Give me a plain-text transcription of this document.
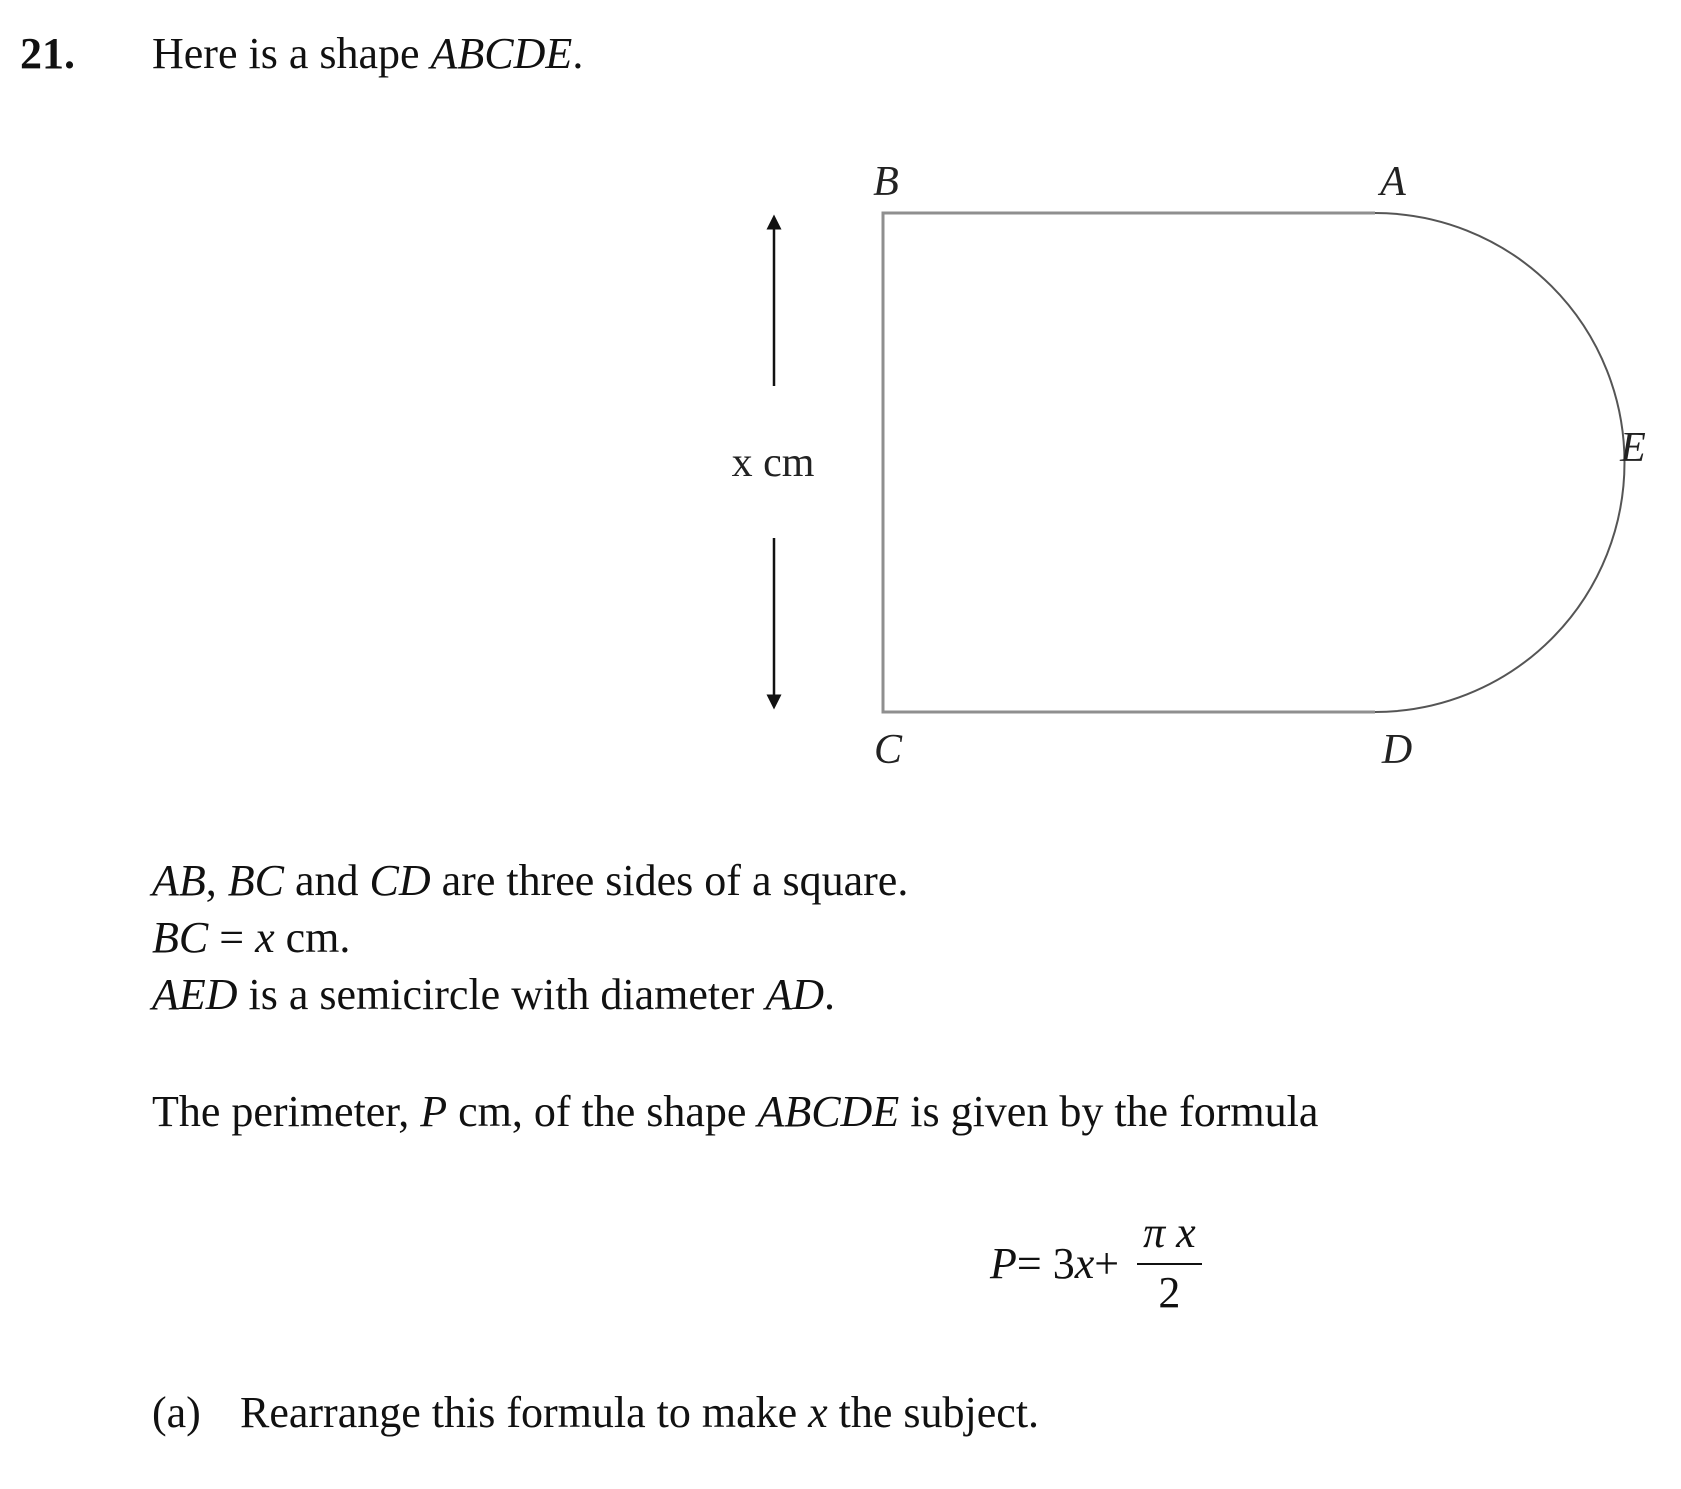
21. Here is a shape ABCDE.
x cm
B	A
E
C	D
AB, BC and CD are three sides of a square.
BC = x cm.
AED is a semicircle with diameter AD.
The perimeter, P cm, of the shape ABCDE is given by the formula
P = 3 $x + \frac{\text{π x}}{2}$
(a) Rearrange this formula to make x the subject.
